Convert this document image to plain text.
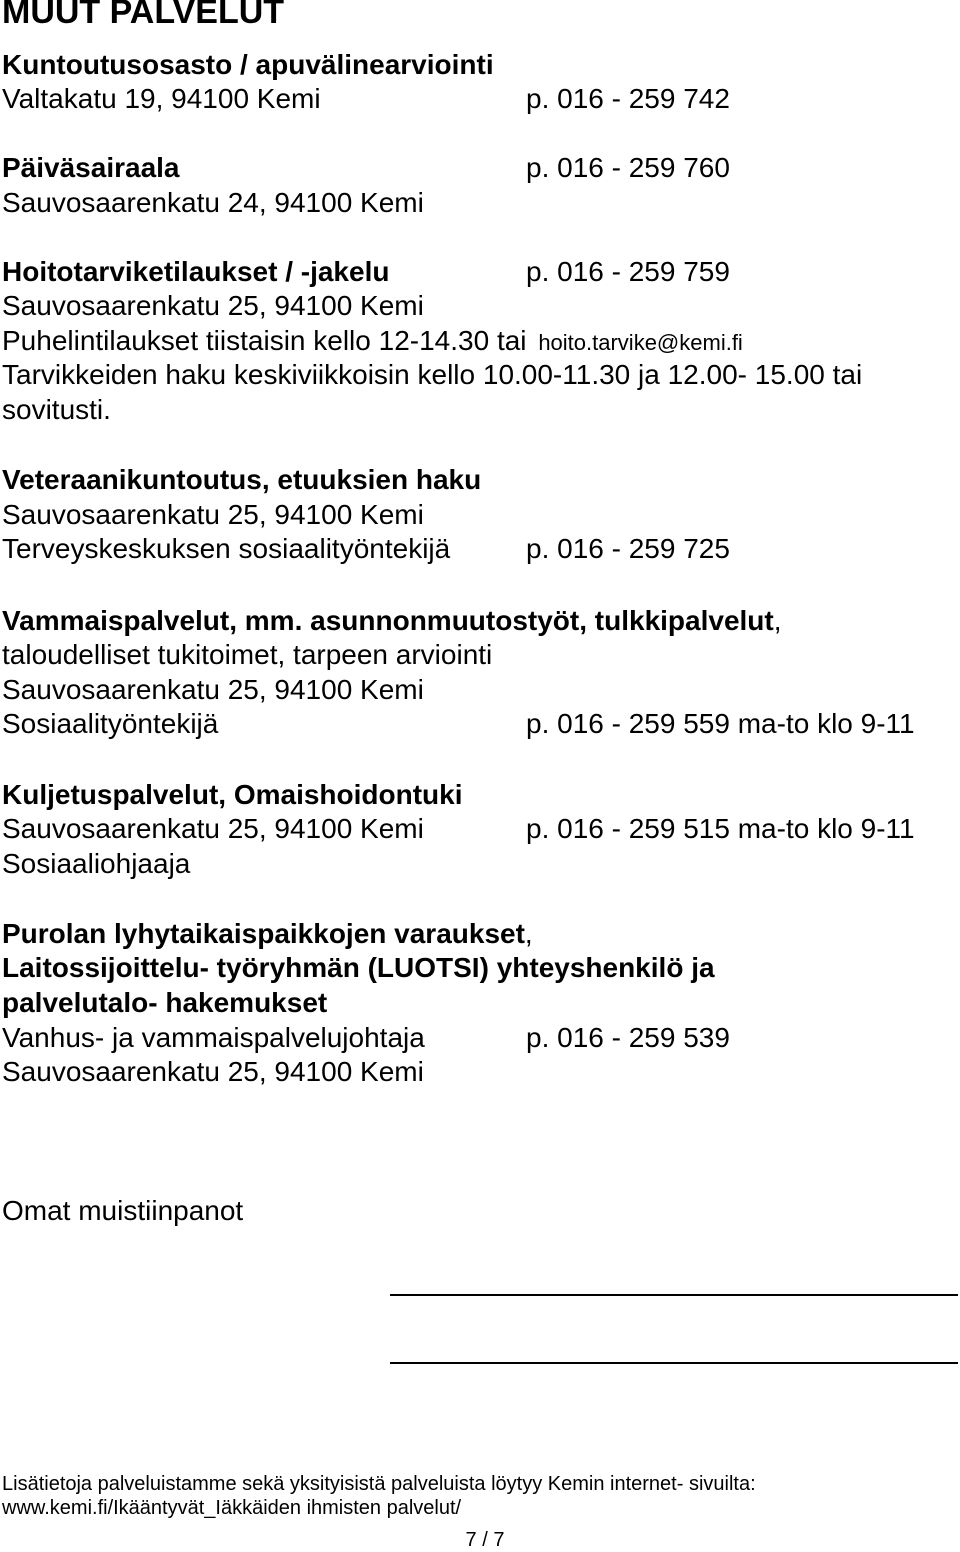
MUUT PALVELUT

Kuntoutusosasto / apuvälinearviointi

Valtakatu 19, 94100 Kemi	p. 016 - 259 742

Päiväsairaala	p. 016 - 259 760

Sauvosaarenkatu 24, 94100 Kemi

Hoitotarviketilaukset / -jakelu	p. 016 - 259 759

Sauvosaarenkatu 25, 94100 Kemi

Puhelintilaukset tiistaisin kello 12-14.30 tai hoito.tarvike@kemi.fi

Tarvikkeiden haku keskiviikkoisin kello 10.00-11.30 ja 12.00- 15.00 tai

sovitusti.

Veteraanikuntoutus, etuuksien haku

Sauvosaarenkatu 25, 94100 Kemi

Terveyskeskuksen sosiaalityöntekijä	p. 016 - 259 725

Vammaispalvelut, mm. asunnonmuutostyöt, tulkkipalvelut,

taloudelliset tukitoimet, tarpeen arviointi

Sauvosaarenkatu 25, 94100 Kemi

Sosiaalityöntekijä	p. 016 - 259 559 ma-to klo 9-11

Kuljetuspalvelut, Omaishoidontuki

Sauvosaarenkatu 25, 94100 Kemi	p. 016 - 259 515 ma-to klo 9-11

Sosiaaliohjaaja

Purolan lyhytaikaispaikkojen varaukset,

Laitossijoittelu- työryhmän (LUOTSI) yhteyshenkilö ja

palvelutalo- hakemukset

Vanhus- ja vammaispalvelujohtaja	p. 016 - 259 539

Sauvosaarenkatu 25, 94100 Kemi

Omat muistiinpanot

Lisätietoja palveluistamme sekä yksityisistä palveluista löytyy Kemin internet- sivuilta:
www.kemi.fi/Ikääntyvät_Iäkkäiden ihmisten palvelut/
7 / 7
